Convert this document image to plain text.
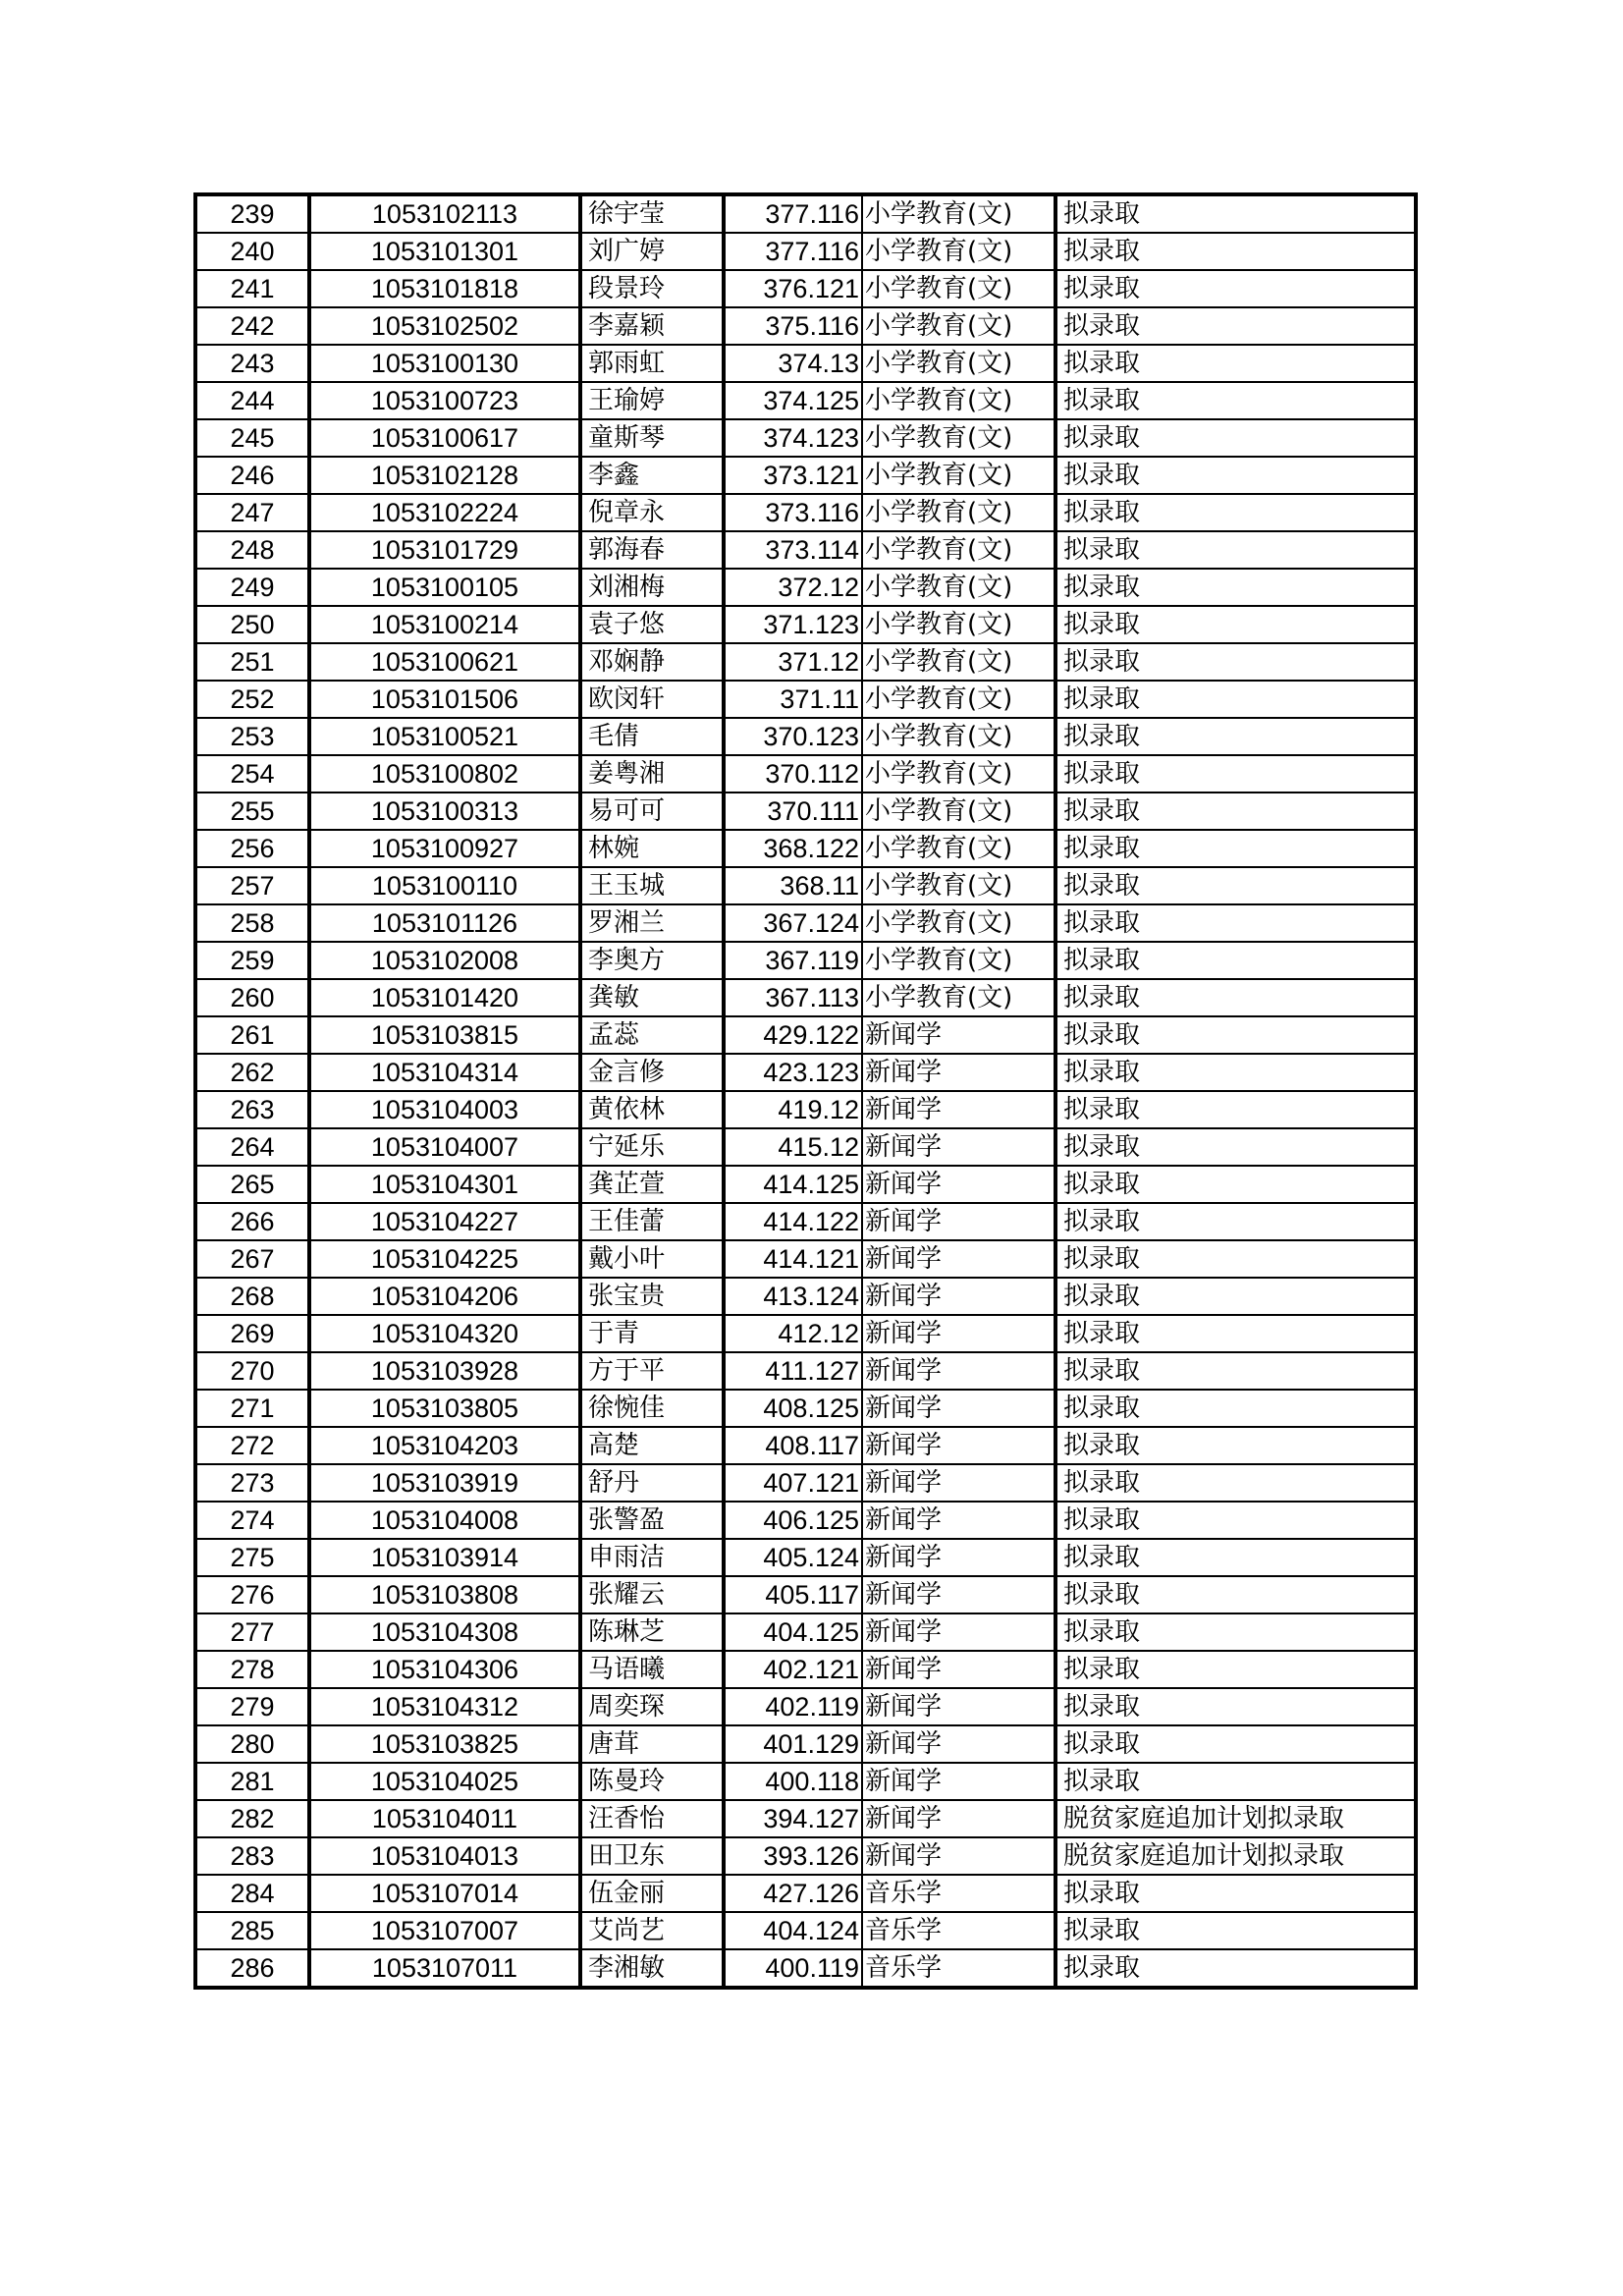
239	1053102113	徐宇莹	377.116	小学教育(文)	拟录取
240	1053101301	刘广婷	377.116	小学教育(文)	拟录取
241	1053101818	段景玲	376.121	小学教育(文)	拟录取
242	1053102502	李嘉颖	375.116	小学教育(文)	拟录取
243	1053100130	郭雨虹	374.13	小学教育(文)	拟录取
244	1053100723	王瑜婷	374.125	小学教育(文)	拟录取
245	1053100617	童斯琴	374.123	小学教育(文)	拟录取
246	1053102128	李鑫	373.121	小学教育(文)	拟录取
247	1053102224	倪章永	373.116	小学教育(文)	拟录取
248	1053101729	郭海春	373.114	小学教育(文)	拟录取
249	1053100105	刘湘梅	372.12	小学教育(文)	拟录取
250	1053100214	袁子悠	371.123	小学教育(文)	拟录取
251	1053100621	邓娴静	371.12	小学教育(文)	拟录取
252	1053101506	欧闵轩	371.11	小学教育(文)	拟录取
253	1053100521	毛倩	370.123	小学教育(文)	拟录取
254	1053100802	姜粤湘	370.112	小学教育(文)	拟录取
255	1053100313	易可可	370.111	小学教育(文)	拟录取
256	1053100927	林婉	368.122	小学教育(文)	拟录取
257	1053100110	王玉城	368.11	小学教育(文)	拟录取
258	1053101126	罗湘兰	367.124	小学教育(文)	拟录取
259	1053102008	李奥方	367.119	小学教育(文)	拟录取
260	1053101420	龚敏	367.113	小学教育(文)	拟录取
261	1053103815	孟蕊	429.122	新闻学	拟录取
262	1053104314	金言修	423.123	新闻学	拟录取
263	1053104003	黄依林	419.12	新闻学	拟录取
264	1053104007	宁延乐	415.12	新闻学	拟录取
265	1053104301	龚芷萱	414.125	新闻学	拟录取
266	1053104227	王佳蕾	414.122	新闻学	拟录取
267	1053104225	戴小叶	414.121	新闻学	拟录取
268	1053104206	张宝贵	413.124	新闻学	拟录取
269	1053104320	于青	412.12	新闻学	拟录取
270	1053103928	方于平	411.127	新闻学	拟录取
271	1053103805	徐惋佳	408.125	新闻学	拟录取
272	1053104203	高楚	408.117	新闻学	拟录取
273	1053103919	舒丹	407.121	新闻学	拟录取
274	1053104008	张警盈	406.125	新闻学	拟录取
275	1053103914	申雨洁	405.124	新闻学	拟录取
276	1053103808	张耀云	405.117	新闻学	拟录取
277	1053104308	陈琳芝	404.125	新闻学	拟录取
278	1053104306	马语曦	402.121	新闻学	拟录取
279	1053104312	周奕琛	402.119	新闻学	拟录取
280	1053103825	唐茸	401.129	新闻学	拟录取
281	1053104025	陈曼玲	400.118	新闻学	拟录取
282	1053104011	汪香怡	394.127	新闻学	脱贫家庭追加计划拟录取
283	1053104013	田卫东	393.126	新闻学	脱贫家庭追加计划拟录取
284	1053107014	伍金丽	427.126	音乐学	拟录取
285	1053107007	艾尚艺	404.124	音乐学	拟录取
286	1053107011	李湘敏	400.119	音乐学	拟录取
